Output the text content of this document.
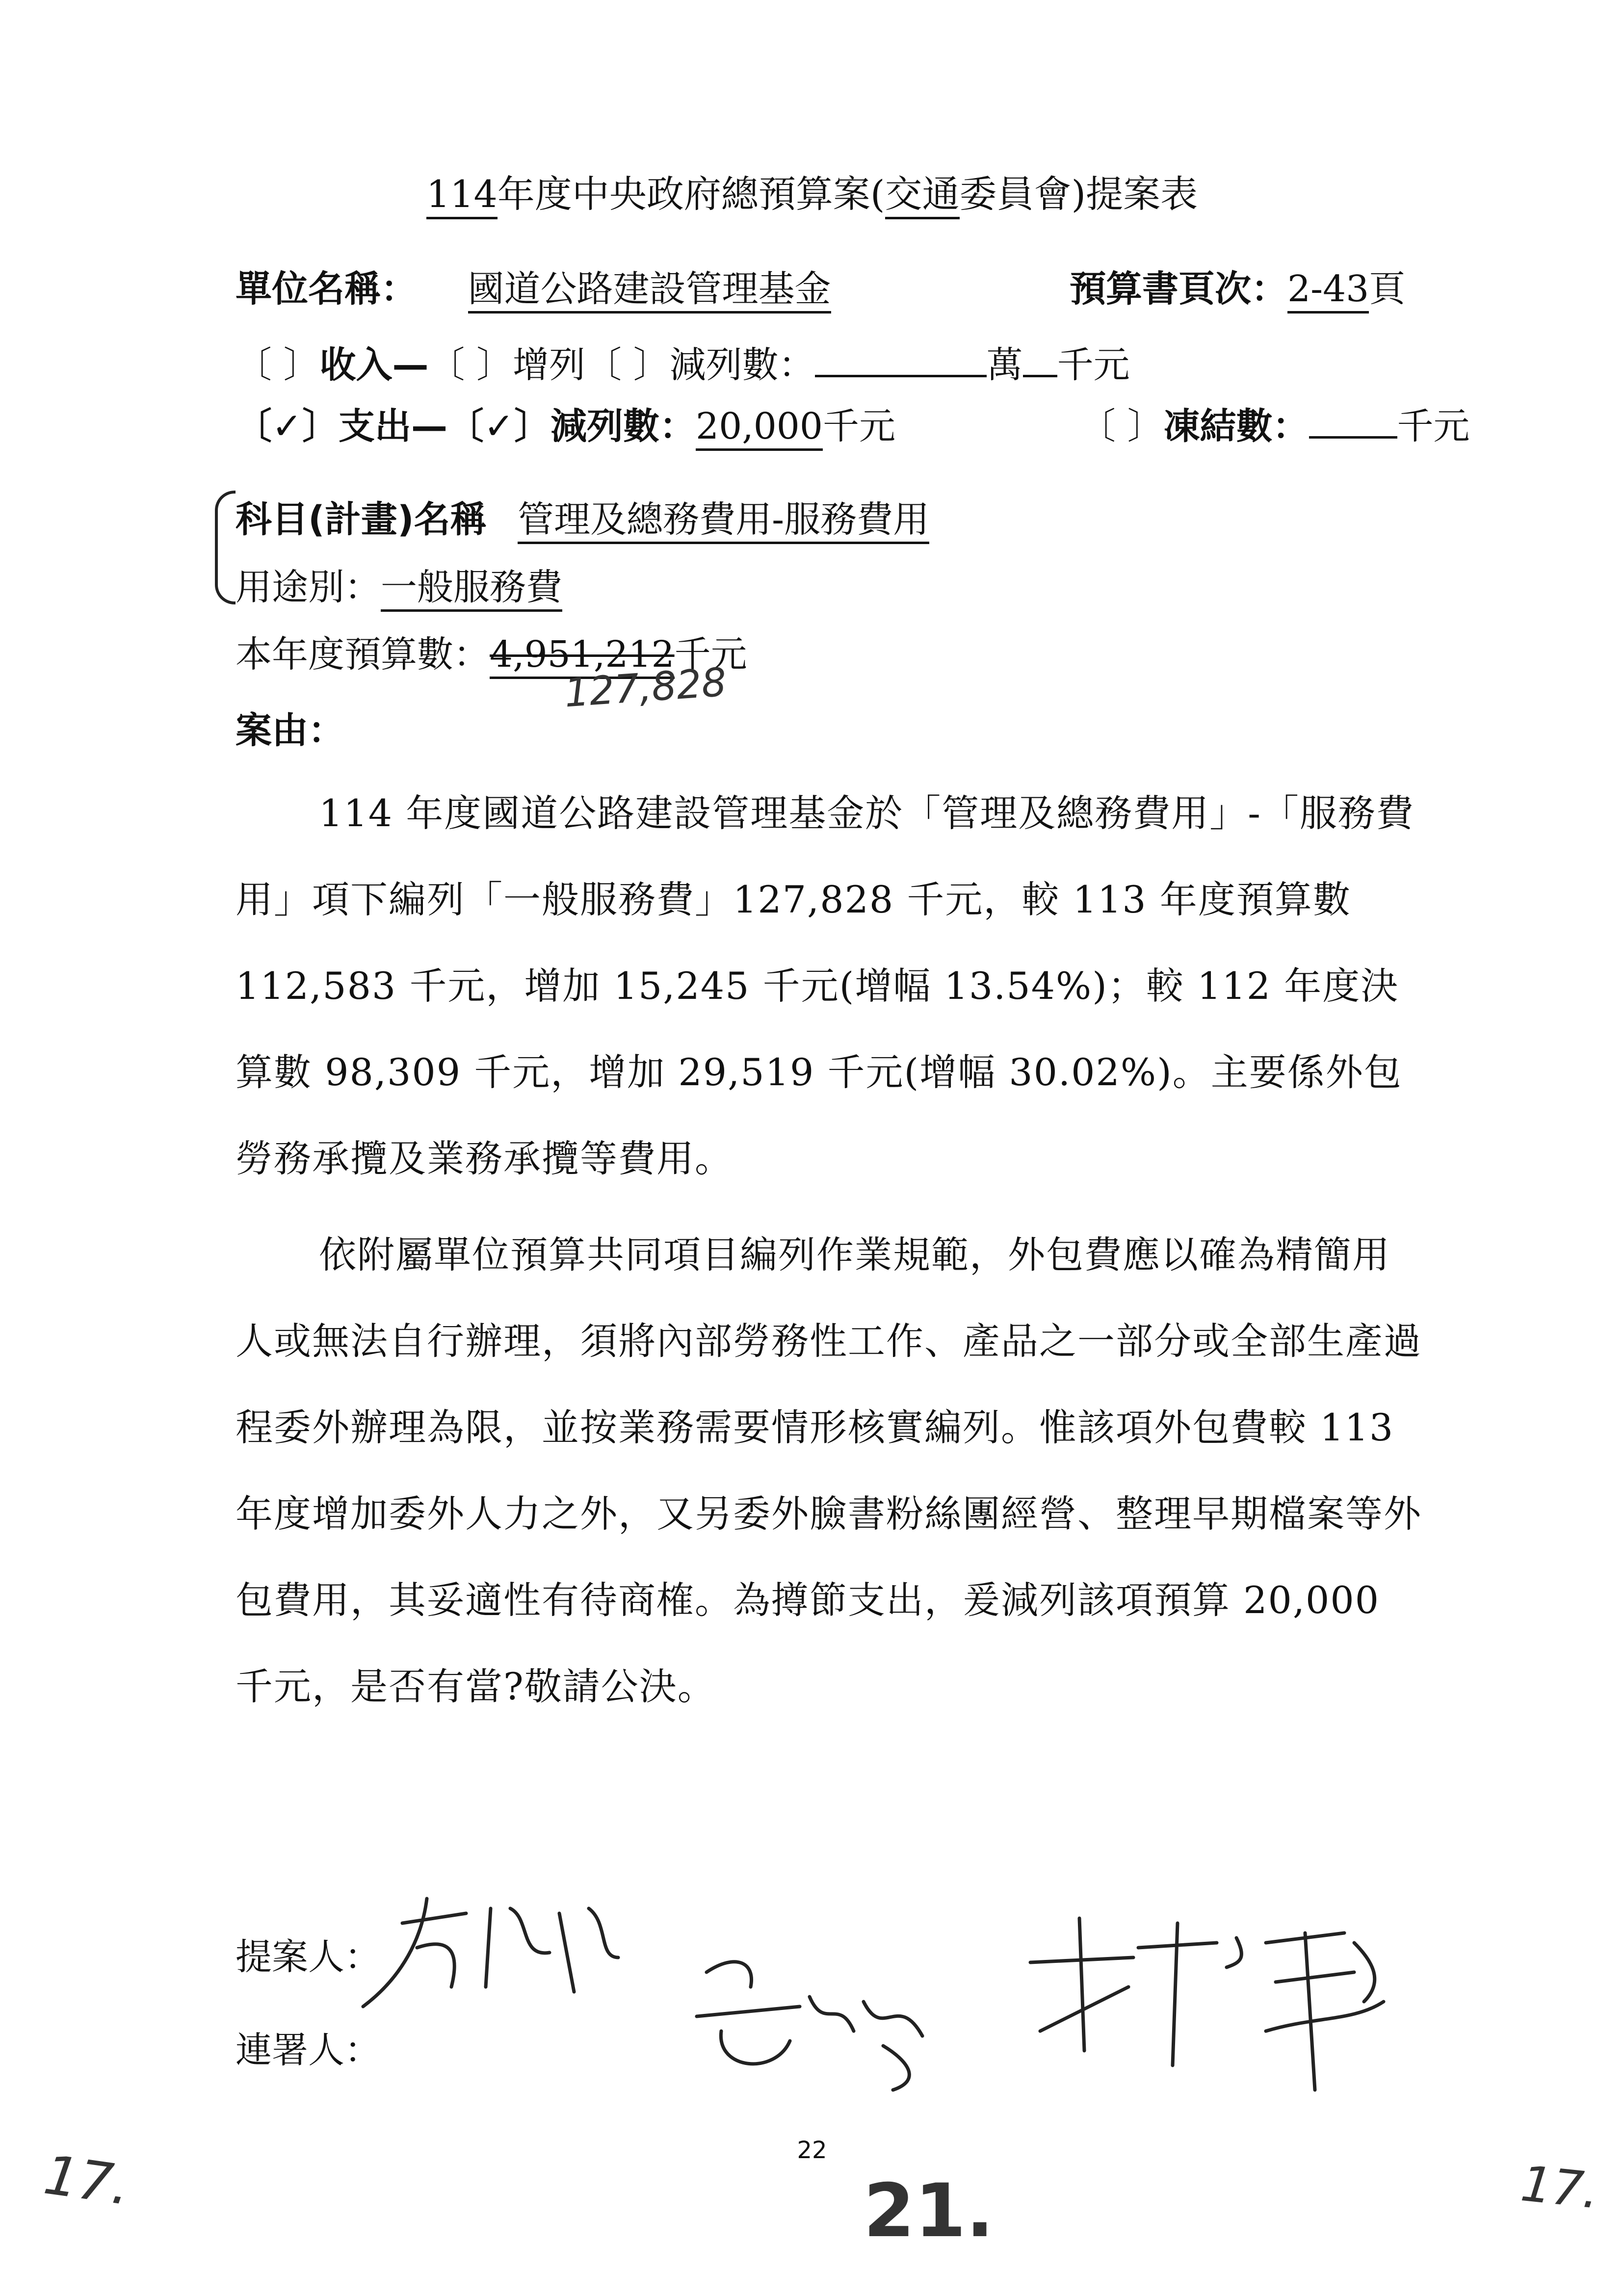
114年度中央政府總預算案(交通委員會)提案表
單位名稱： 國道公路建設管理基金	預算書頁次：2-43頁
〔 〕收入—〔 〕增列〔 〕減列數：	萬 千元
〔✓〕支出—〔✓〕減列數：20,000千元	〔 〕凍結數： 千元
科目(計畫)名稱 管理及總務費用-服務費用
用途別：一般服務費
本年度預算數：4,951,212千元
127,828
案由：
114 年度國道公路建設管理基金於「管理及總務費用」-「服務費用」項下編列「一般服務費」127,828 千元，較 113 年度預算數 112,583 千元，增加 15,245 千元(增幅 13.54%)；較 112 年度決算數 98,309 千元，增加 29,519 千元(增幅 30.02%)。主要係外包勞務承攬及業務承攬等費用。
依附屬單位預算共同項目編列作業規範，外包費應以確為精簡用人或無法自行辦理，須將內部勞務性工作、產品之一部分或全部生產過程委外辦理為限，並按業務需要情形核實編列。惟該項外包費較 113 年度增加委外人力之外，又另委外臉書粉絲團經營、整理早期檔案等外包費用，其妥適性有待商榷。為撙節支出，爰減列該項預算 20,000 千元，是否有當?敬請公決。
提案人：
連署人：
22
17.	21.	17.
